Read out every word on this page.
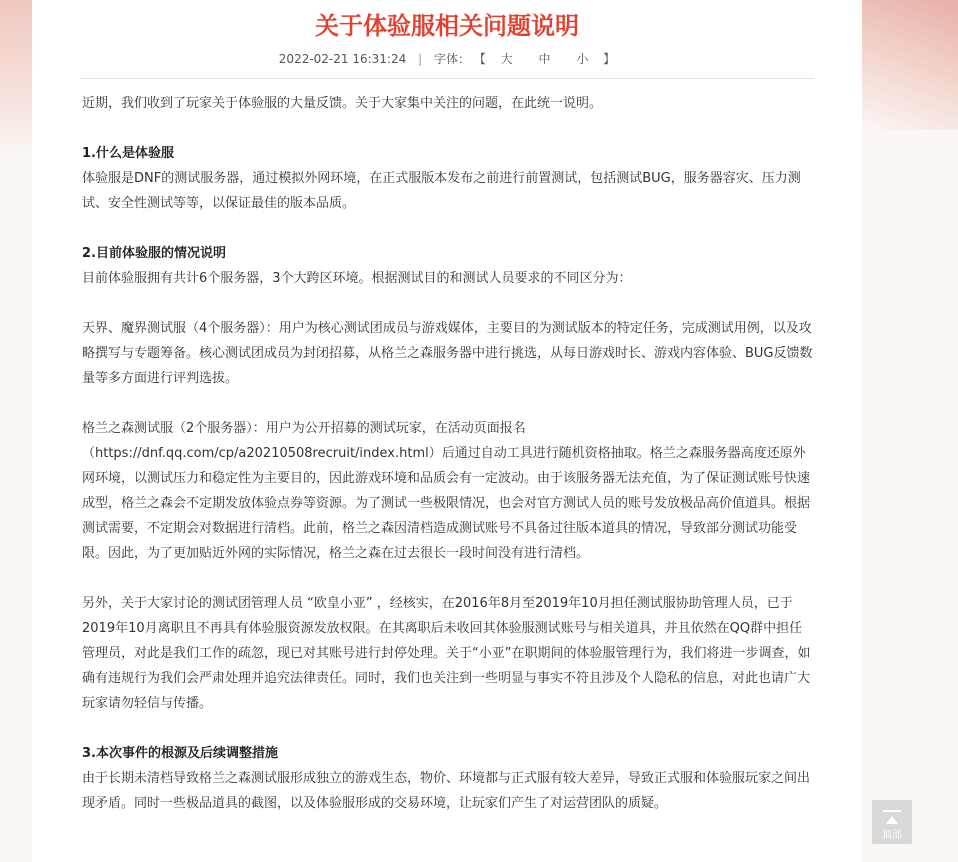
关于体验服相关问题说明
2022-02-21 16:31:24 | 字体： 【 大 中 小 】

近期，我们收到了玩家关于体验服的大量反馈。关于大家集中关注的问题，在此统一说明。

1.什么是体验服

体验服是DNF的测试服务器，通过模拟外网环境，在正式服版本发布之前进行前置测试，包括测试BUG，服务器容灾、压力测试、安全性测试等等，以保证最佳的版本品质。

2.目前体验服的情况说明

目前体验服拥有共计6个服务器，3个大跨区环境。根据测试目的和测试人员要求的不同区分为：

天界、魔界测试服（4个服务器）：用户为核心测试团成员与游戏媒体，主要目的为测试版本的特定任务，完成测试用例，以及攻略撰写与专题筹备。核心测试团成员为封闭招募，从格兰之森服务器中进行挑选，从每日游戏时长、游戏内容体验、BUG反馈数量等多方面进行评判选拔。

格兰之森测试服（2个服务器）：用户为公开招募的测试玩家，在活动页面报名（https://dnf.qq.com/cp/a20210508recruit/index.html）后通过自动工具进行随机资格抽取。格兰之森服务器高度还原外网环境，以测试压力和稳定性为主要目的，因此游戏环境和品质会有一定波动。由于该服务器无法充值，为了保证测试账号快速成型，格兰之森会不定期发放体验点券等资源。为了测试一些极限情况，也会对官方测试人员的账号发放极品高价值道具。根据测试需要，不定期会对数据进行清档。此前，格兰之森因清档造成测试账号不具备过往版本道具的情况，导致部分测试功能受限。因此，为了更加贴近外网的实际情况，格兰之森在过去很长一段时间没有进行清档。

另外，关于大家讨论的测试团管理人员 “欧皇小亚” ，经核实，在2016年8月至2019年10月担任测试服协助管理人员，已于2019年10月离职且不再具有体验服资源发放权限。在其离职后未收回其体验服测试账号与相关道具，并且依然在QQ群中担任管理员，对此是我们工作的疏忽，现已对其账号进行封停处理。关于“小亚”在职期间的体验服管理行为，我们将进一步调查，如确有违规行为我们会严肃处理并追究法律责任。同时，我们也关注到一些明显与事实不符且涉及个人隐私的信息，对此也请广大玩家请勿轻信与传播。

3.本次事件的根源及后续调整措施

由于长期未清档导致格兰之森测试服形成独立的游戏生态，物价、环境都与正式服有较大差异，导致正式服和体验服玩家之间出现矛盾。同时一些极品道具的截图，以及体验服形成的交易环境，让玩家们产生了对运营团队的质疑。

顶部
